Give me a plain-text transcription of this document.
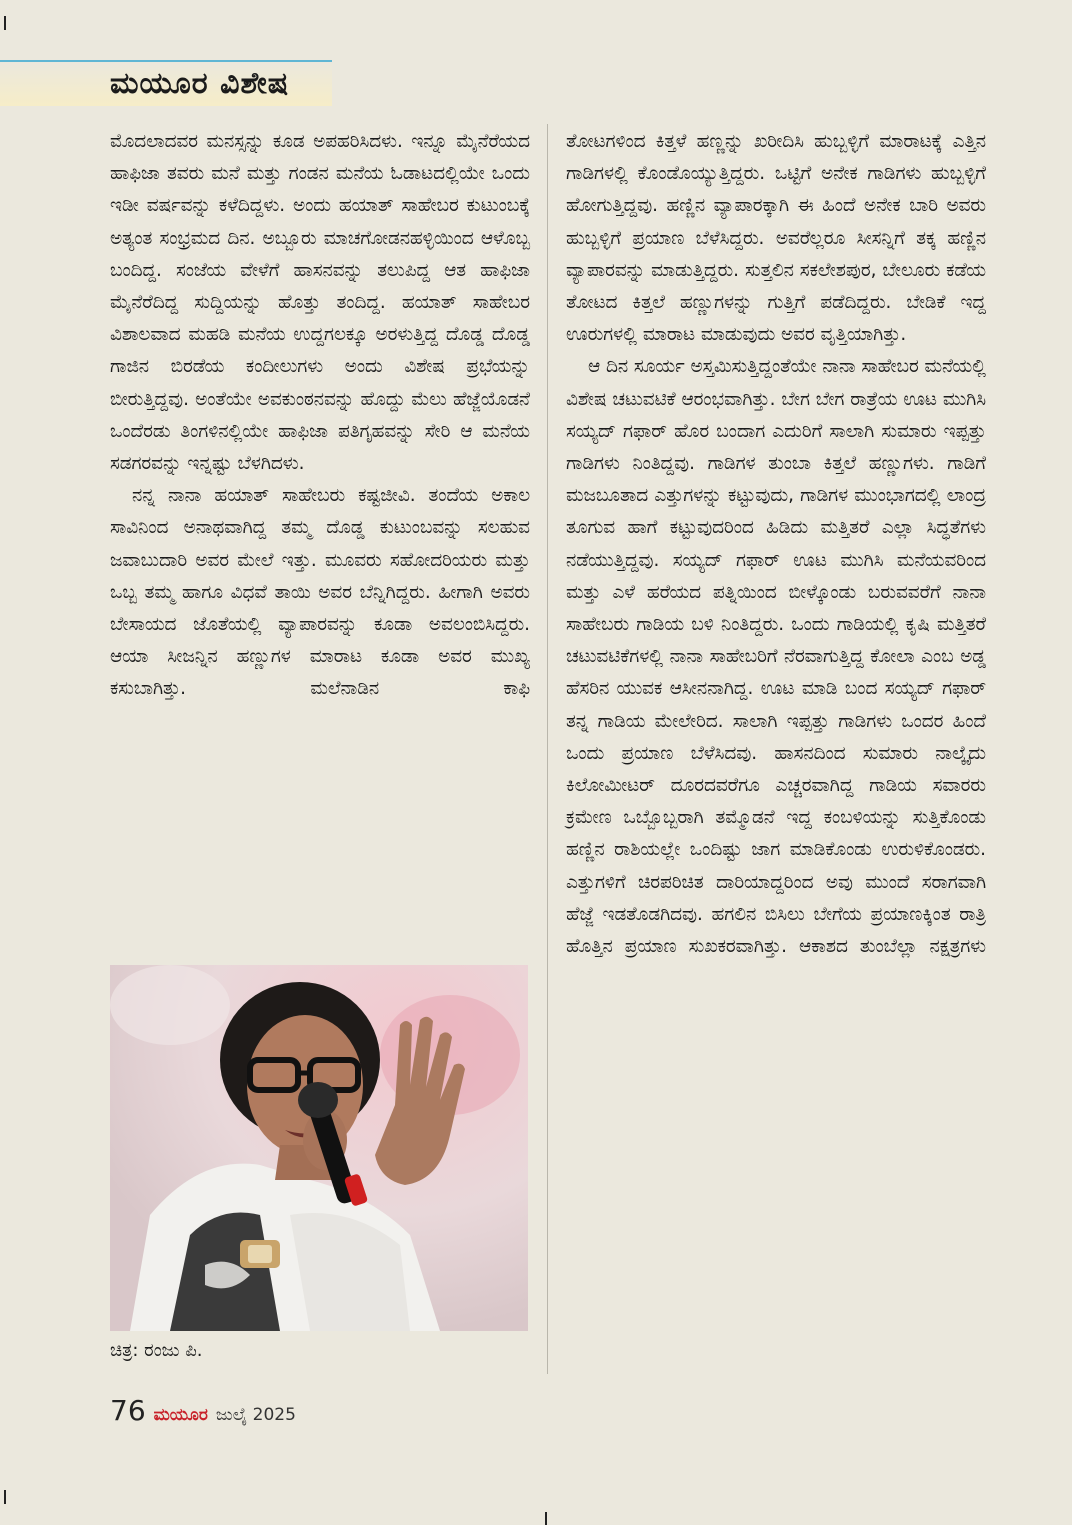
ಮಯೂರ ವಿಶೇಷ

ಮೊದಲಾದವರ ಮನಸ್ಸನ್ನು ಕೂಡ ಅಪಹರಿಸಿದಳು. ಇನ್ನೂ ಮೈನೆರೆಯದ ಹಾಫಿಜಾ ತವರು ಮನೆ ಮತ್ತು ಗಂಡನ ಮನೆಯ ಓಡಾಟದಲ್ಲಿಯೇ ಒಂದು ಇಡೀ ವರ್ಷವನ್ನು ಕಳೆದಿದ್ದಳು. ಅಂದು ಹಯಾತ್ ಸಾಹೇಬರ ಕುಟುಂಬಕ್ಕೆ ಅತ್ಯಂತ ಸಂಭ್ರಮದ ದಿನ. ಅಬ್ಬೂರು ಮಾಚಗೋಡನಹಳ್ಳಿಯಿಂದ ಆಳೊಬ್ಬ ಬಂದಿದ್ದ. ಸಂಜೆಯ ವೇಳೆಗೆ ಹಾಸನವನ್ನು ತಲುಪಿದ್ದ ಆತ ಹಾಫಿಜಾ ಮೈನೆರೆದಿದ್ದ ಸುದ್ದಿಯನ್ನು ಹೊತ್ತು ತಂದಿದ್ದ. ಹಯಾತ್ ಸಾಹೇಬರ ವಿಶಾಲವಾದ ಮಹಡಿ ಮನೆಯ ಉದ್ದಗಲಕ್ಕೂ ಅರಳುತ್ತಿದ್ದ ದೊಡ್ಡ ದೊಡ್ಡ ಗಾಜಿನ ಬಿರಡೆಯ ಕಂದೀಲುಗಳು ಅಂದು ವಿಶೇಷ ಪ್ರಭೆಯನ್ನು ಬೀರುತ್ತಿದ್ದವು. ಅಂತೆಯೇ ಅವಕುಂಠನವನ್ನು ಹೊದ್ದು ಮೆಲು ಹೆಜ್ಜೆಯೊಡನೆ ಒಂದೆರಡು ತಿಂಗಳಿನಲ್ಲಿಯೇ ಹಾಫಿಜಾ ಪತಿಗೃಹವನ್ನು ಸೇರಿ ಆ ಮನೆಯ ಸಡಗರವನ್ನು ಇನ್ನಷ್ಟು ಬೆಳಗಿದಳು.

ನನ್ನ ನಾನಾ ಹಯಾತ್ ಸಾಹೇಬರು ಕಷ್ಟಜೀವಿ. ತಂದೆಯ ಅಕಾಲ ಸಾವಿನಿಂದ ಅನಾಥವಾಗಿದ್ದ ತಮ್ಮ ದೊಡ್ಡ ಕುಟುಂಬವನ್ನು ಸಲಹುವ ಜವಾಬುದಾರಿ ಅವರ ಮೇಲೆ ಇತ್ತು. ಮೂವರು ಸಹೋದರಿಯರು ಮತ್ತು ಒಬ್ಬ ತಮ್ಮ ಹಾಗೂ ವಿಧವೆ ತಾಯಿ ಅವರ ಬೆನ್ನಿಗಿದ್ದರು. ಹೀಗಾಗಿ ಅವರು ಬೇಸಾಯದ ಜೊತೆಯಲ್ಲಿ ವ್ಯಾಪಾರವನ್ನು ಕೂಡಾ ಅವಲಂಬಿಸಿದ್ದರು. ಆಯಾ ಸೀಜನ್ನಿನ ಹಣ್ಣುಗಳ ಮಾರಾಟ ಕೂಡಾ ಅವರ ಮುಖ್ಯ ಕಸುಬಾಗಿತ್ತು. ಮಲೆನಾಡಿನ ಕಾಫಿ

ತೋಟಗಳಿಂದ ಕಿತ್ತಳೆ ಹಣ್ಣನ್ನು ಖರೀದಿಸಿ ಹುಬ್ಬಳ್ಳಿಗೆ ಮಾರಾಟಕ್ಕೆ ಎತ್ತಿನ ಗಾಡಿಗಳಲ್ಲಿ ಕೊಂಡೊಯ್ಯುತ್ತಿದ್ದರು. ಒಟ್ಟಿಗೆ ಅನೇಕ ಗಾಡಿಗಳು ಹುಬ್ಬಳ್ಳಿಗೆ ಹೋಗುತ್ತಿದ್ದವು. ಹಣ್ಣಿನ ವ್ಯಾಪಾರಕ್ಕಾಗಿ ಈ ಹಿಂದೆ ಅನೇಕ ಬಾರಿ ಅವರು ಹುಬ್ಬಳ್ಳಿಗೆ ಪ್ರಯಾಣ ಬೆಳೆಸಿದ್ದರು. ಅವರೆಲ್ಲರೂ ಸೀಸನ್ನಿಗೆ ತಕ್ಕ ಹಣ್ಣಿನ ವ್ಯಾಪಾರವನ್ನು ಮಾಡುತ್ತಿದ್ದರು. ಸುತ್ತಲಿನ ಸಕಲೇಶಪುರ, ಬೇಲೂರು ಕಡೆಯ ತೋಟದ ಕಿತ್ತಲೆ ಹಣ್ಣುಗಳನ್ನು ಗುತ್ತಿಗೆ ಪಡೆದಿದ್ದರು. ಬೇಡಿಕೆ ಇದ್ದ ಊರುಗಳಲ್ಲಿ ಮಾರಾಟ ಮಾಡುವುದು ಅವರ ವೃತ್ತಿಯಾಗಿತ್ತು.

ಆ ದಿನ ಸೂರ್ಯ ಅಸ್ತಮಿಸುತ್ತಿದ್ದಂತೆಯೇ ನಾನಾ ಸಾಹೇಬರ ಮನೆಯಲ್ಲಿ ವಿಶೇಷ ಚಟುವಟಿಕೆ ಆರಂಭವಾಗಿತ್ತು. ಬೇಗ ಬೇಗ ರಾತ್ರೆಯ ಊಟ ಮುಗಿಸಿ ಸಯ್ಯದ್ ಗಫಾರ್ ಹೊರ ಬಂದಾಗ ಎದುರಿಗೆ ಸಾಲಾಗಿ ಸುಮಾರು ಇಪ್ಪತ್ತು ಗಾಡಿಗಳು ನಿಂತಿದ್ದವು. ಗಾಡಿಗಳ ತುಂಬಾ ಕಿತ್ತಲೆ ಹಣ್ಣುಗಳು. ಗಾಡಿಗೆ ಮಜಬೂತಾದ ಎತ್ತುಗಳನ್ನು ಕಟ್ಟುವುದು, ಗಾಡಿಗಳ ಮುಂಭಾಗದಲ್ಲಿ ಲಾಂದ್ರ ತೂಗುವ ಹಾಗೆ ಕಟ್ಟುವುದರಿಂದ ಹಿಡಿದು ಮತ್ತಿತರೆ ಎಲ್ಲಾ ಸಿದ್ಧತೆಗಳು ನಡೆಯುತ್ತಿದ್ದವು. ಸಯ್ಯದ್ ಗಫಾರ್ ಊಟ ಮುಗಿಸಿ ಮನೆಯವರಿಂದ ಮತ್ತು ಎಳೆ ಹರೆಯದ ಪತ್ನಿಯಿಂದ ಬೀಳ್ಕೊಂಡು ಬರುವವರೆಗೆ ನಾನಾ ಸಾಹೇಬರು ಗಾಡಿಯ ಬಳಿ ನಿಂತಿದ್ದರು. ಒಂದು ಗಾಡಿಯಲ್ಲಿ ಕೃಷಿ ಮತ್ತಿತರೆ ಚಟುವಟಿಕೆಗಳಲ್ಲಿ ನಾನಾ ಸಾಹೇಬರಿಗೆ ನೆರವಾಗುತ್ತಿದ್ದ ಕೋಲಾ ಎಂಬ ಅಡ್ಡ ಹೆಸರಿನ ಯುವಕ ಆಸೀನನಾಗಿದ್ದ. ಊಟ ಮಾಡಿ ಬಂದ ಸಯ್ಯದ್ ಗಫಾರ್ ತನ್ನ ಗಾಡಿಯ ಮೇಲೇರಿದ. ಸಾಲಾಗಿ ಇಪ್ಪತ್ತು ಗಾಡಿಗಳು ಒಂದರ ಹಿಂದೆ ಒಂದು ಪ್ರಯಾಣ ಬೆಳೆಸಿದವು. ಹಾಸನದಿಂದ ಸುಮಾರು ನಾಲ್ಕೈದು ಕಿಲೋಮೀಟರ್ ದೂರದವರೆಗೂ ಎಚ್ಚರವಾಗಿದ್ದ ಗಾಡಿಯ ಸವಾರರು ಕ್ರಮೇಣ ಒಬ್ಬೊಬ್ಬರಾಗಿ ತಮ್ಮೊಡನೆ ಇದ್ದ ಕಂಬಳಿಯನ್ನು ಸುತ್ತಿಕೊಂಡು ಹಣ್ಣಿನ ರಾಶಿಯಲ್ಲೇ ಒಂದಿಷ್ಟು ಜಾಗ ಮಾಡಿಕೊಂಡು ಉರುಳಿಕೊಂಡರು. ಎತ್ತುಗಳಿಗೆ ಚಿರಪರಿಚಿತ ದಾರಿಯಾದ್ದರಿಂದ ಅವು ಮುಂದೆ ಸರಾಗವಾಗಿ ಹೆಜ್ಜೆ ಇಡತೊಡಗಿದವು. ಹಗಲಿನ ಬಿಸಿಲು ಬೇಗೆಯ ಪ್ರಯಾಣಕ್ಕಿಂತ ರಾತ್ರಿ ಹೊತ್ತಿನ ಪ್ರಯಾಣ ಸುಖಕರವಾಗಿತ್ತು. ಆಕಾಶದ ತುಂಬೆಲ್ಲಾ ನಕ್ಷತ್ರಗಳು

ಚಿತ್ರ: ರಂಜು ಪಿ.
76 ಮಯೂರ ಜುಲೈ 2025
